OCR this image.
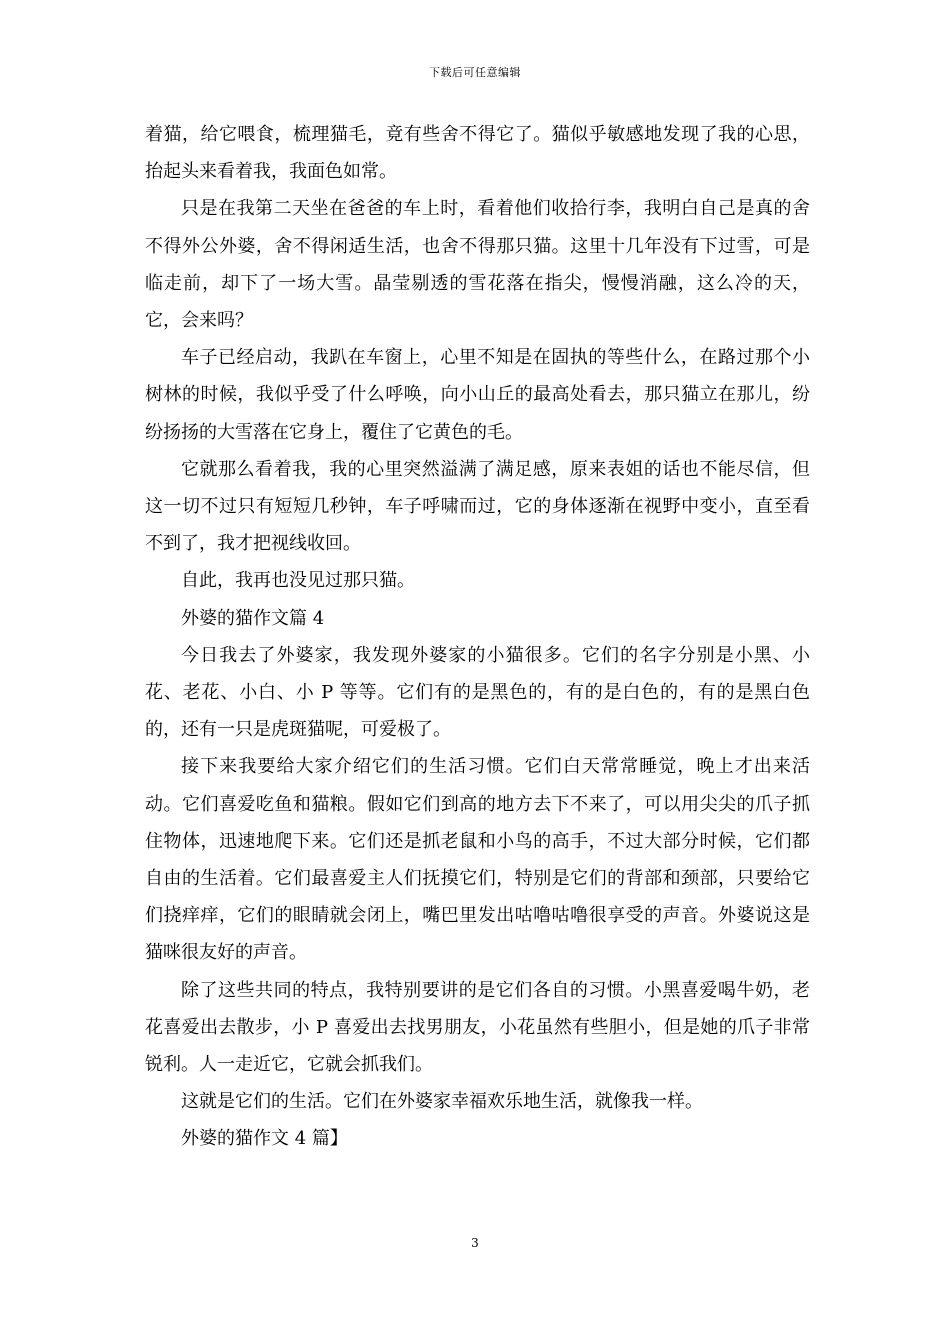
下载后可任意编辑

着猫，给它喂食，梳理猫毛，竟有些舍不得它了。猫似乎敏感地发现了我的心思，抬起头来看着我，我面色如常。

只是在我第二天坐在爸爸的车上时，看着他们收拾行李，我明白自己是真的舍不得外公外婆，舍不得闲适生活，也舍不得那只猫。这里十几年没有下过雪，可是临走前，却下了一场大雪。晶莹剔透的雪花落在指尖，慢慢消融，这么冷的天，它，会来吗？

车子已经启动，我趴在车窗上，心里不知是在固执的等些什么，在路过那个小树林的时候，我似乎受了什么呼唤，向小山丘的最高处看去，那只猫立在那儿，纷纷扬扬的大雪落在它身上，覆住了它黄色的毛。

它就那么看着我，我的心里突然溢满了满足感，原来表姐的话也不能尽信，但这一切不过只有短短几秒钟，车子呼啸而过，它的身体逐渐在视野中变小，直至看不到了，我才把视线收回。

自此，我再也没见过那只猫。

外婆的猫作文篇 4

今日我去了外婆家，我发现外婆家的小猫很多。它们的名字分别是小黑、小花、老花、小白、小 P 等等。它们有的是黑色的，有的是白色的，有的是黑白色的，还有一只是虎斑猫呢，可爱极了。

接下来我要给大家介绍它们的生活习惯。它们白天常常睡觉，晚上才出来活动。它们喜爱吃鱼和猫粮。假如它们到高的地方去下不来了，可以用尖尖的爪子抓住物体，迅速地爬下来。它们还是抓老鼠和小鸟的高手，不过大部分时候，它们都自由的生活着。它们最喜爱主人们抚摸它们，特别是它们的背部和颈部，只要给它们挠痒痒，它们的眼睛就会闭上，嘴巴里发出咕噜咕噜很享受的声音。外婆说这是猫咪很友好的声音。

除了这些共同的特点，我特别要讲的是它们各自的习惯。小黑喜爱喝牛奶，老花喜爱出去散步，小 P 喜爱出去找男朋友，小花虽然有些胆小，但是她的爪子非常锐利。人一走近它，它就会抓我们。

这就是它们的生活。它们在外婆家幸福欢乐地生活，就像我一样。

外婆的猫作文 4 篇】

3
